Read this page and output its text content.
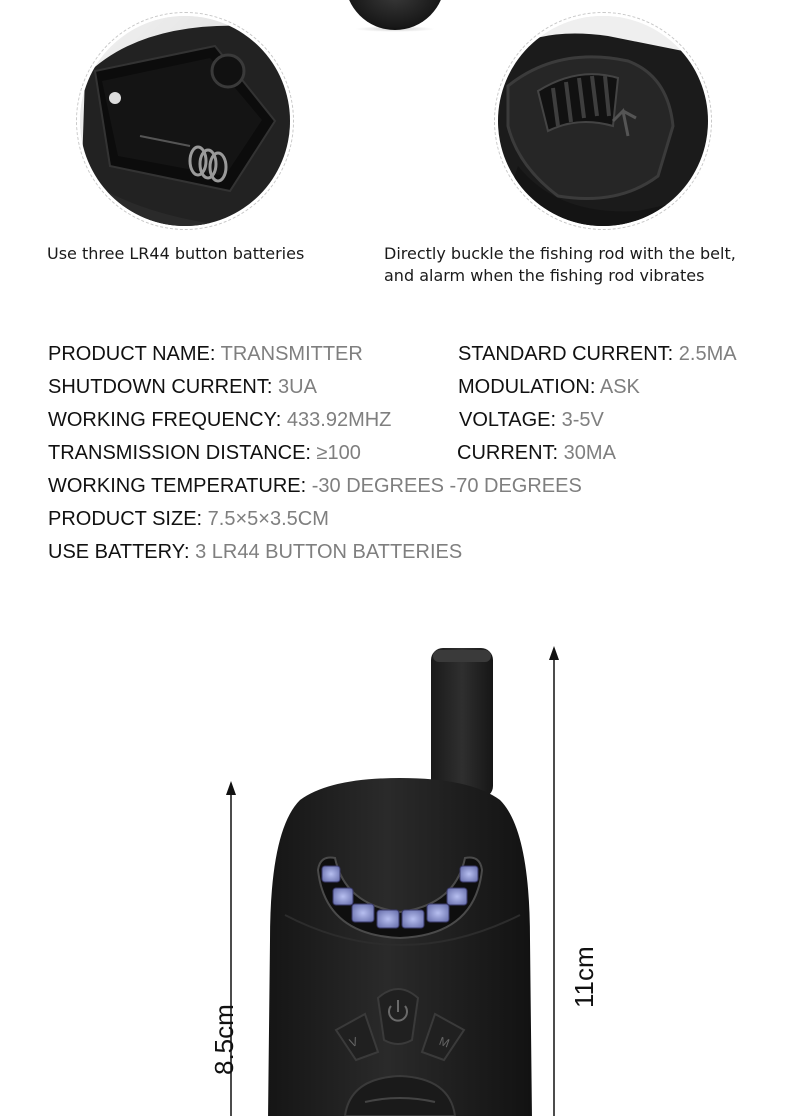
Use three LR44 button batteries	Directly buckle the fishing rod with the belt,

and alarm when the fishing rod vibrates

PRODUCT NAME: TRANSMITTER	STANDARD CURRENT: 2.5MA
SHUTDOWN CURRENT: 3UA	MODULATION: ASK
WORKING FREQUENCY: 433.92MHZ	VOLTAGE: 3-5V
TRANSMISSION DISTANCE: ≥100	CURRENT: 30MA
WORKING TEMPERATURE: -30 DEGREES -70 DEGREES
PRODUCT SIZE: 7.5×5×3.5CM
USE BATTERY: 3 LR44 BUTTON BATTERIES
V	M
8.5cm
11cm
